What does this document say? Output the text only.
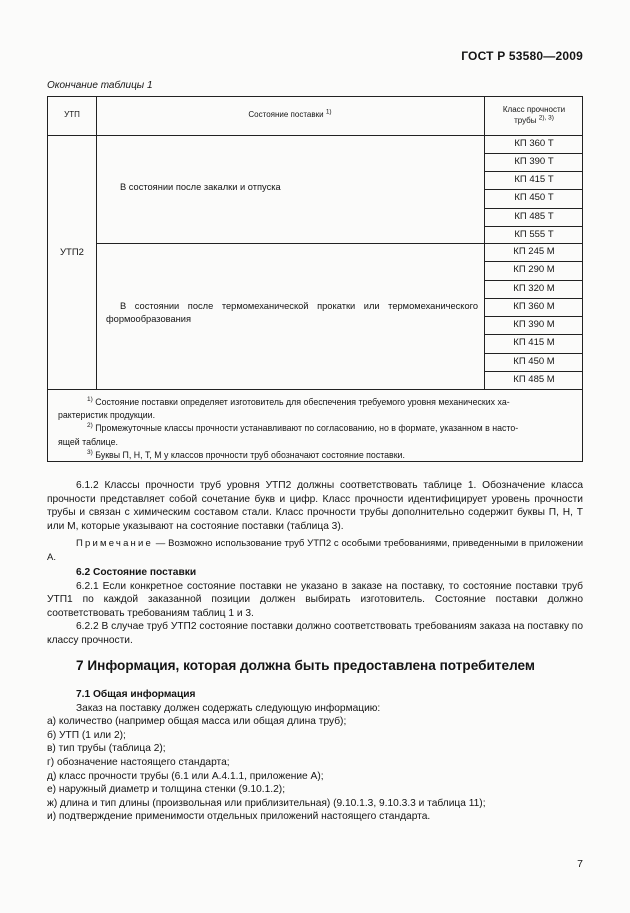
ГОСТ Р 53580—2009
Окончание таблицы 1
УТП	Состояние поставки $^{1)}$	Класс прочности
трубы $^{2), 3)}$
УТП2
В состоянии после закалки и отпуска
В состоянии после термомеханической прокатки или термомеханического формообразования
КП 360 Т
КП 390 Т
КП 415 Т
КП 450 Т
КП 485 Т
КП 555 Т
КП 245 М
КП 290 М
КП 320 М
КП 360 М
КП 390 М
КП 415 М
КП 450 М
КП 485 М
$^{1)}$ Состояние поставки определяет изготовитель для обеспечения требуемого уровня механических ха-
рактеристик продукции.
$^{2)}$ Промежуточные классы прочности устанавливают по согласованию, но в формате, указанном в насто-
ящей таблице.
$^{3)}$ Буквы П, Н, Т, М у классов прочности труб обозначают состояние поставки.

6.1.2 Классы прочности труб уровня УТП2 должны соответствовать таблице 1. Обозначение класса прочности представляет собой сочетание букв и цифр. Класс прочности идентифицирует уровень прочности трубы и связан с химическим составом стали. Класс прочности трубы дополнительно содержит буквы П, Н, Т или М, которые указывают на состояние поставки (таблица 3).

Примечание — Возможно использование труб УТП2 с особыми требованиями, приведенными в приложении А.

6.2 Состояние поставки

6.2.1 Если конкретное состояние поставки не указано в заказе на поставку, то состояние поставки труб УТП1 по каждой заказанной позиции должен выбирать изготовитель. Состояние поставки должно соответствовать требованиям таблиц 1 и 3.

6.2.2 В случае труб УТП2 состояние поставки должно соответствовать требованиям заказа на поставку по классу прочности.

7 Информация, которая должна быть предоставлена потребителем

7.1 Общая информация

Заказ на поставку должен содержать следующую информацию:

а) количество (например общая масса или общая длина труб);

б) УТП (1 или 2);

в) тип трубы (таблица 2);

г) обозначение настоящего стандарта;

д) класс прочности трубы (6.1 или А.4.1.1, приложение А);

е) наружный диаметр и толщина стенки (9.10.1.2);

ж) длина и тип длины (произвольная или приблизительная) (9.10.1.3, 9.10.3.3 и таблица 11);

и) подтверждение применимости отдельных приложений настоящего стандарта.

7
